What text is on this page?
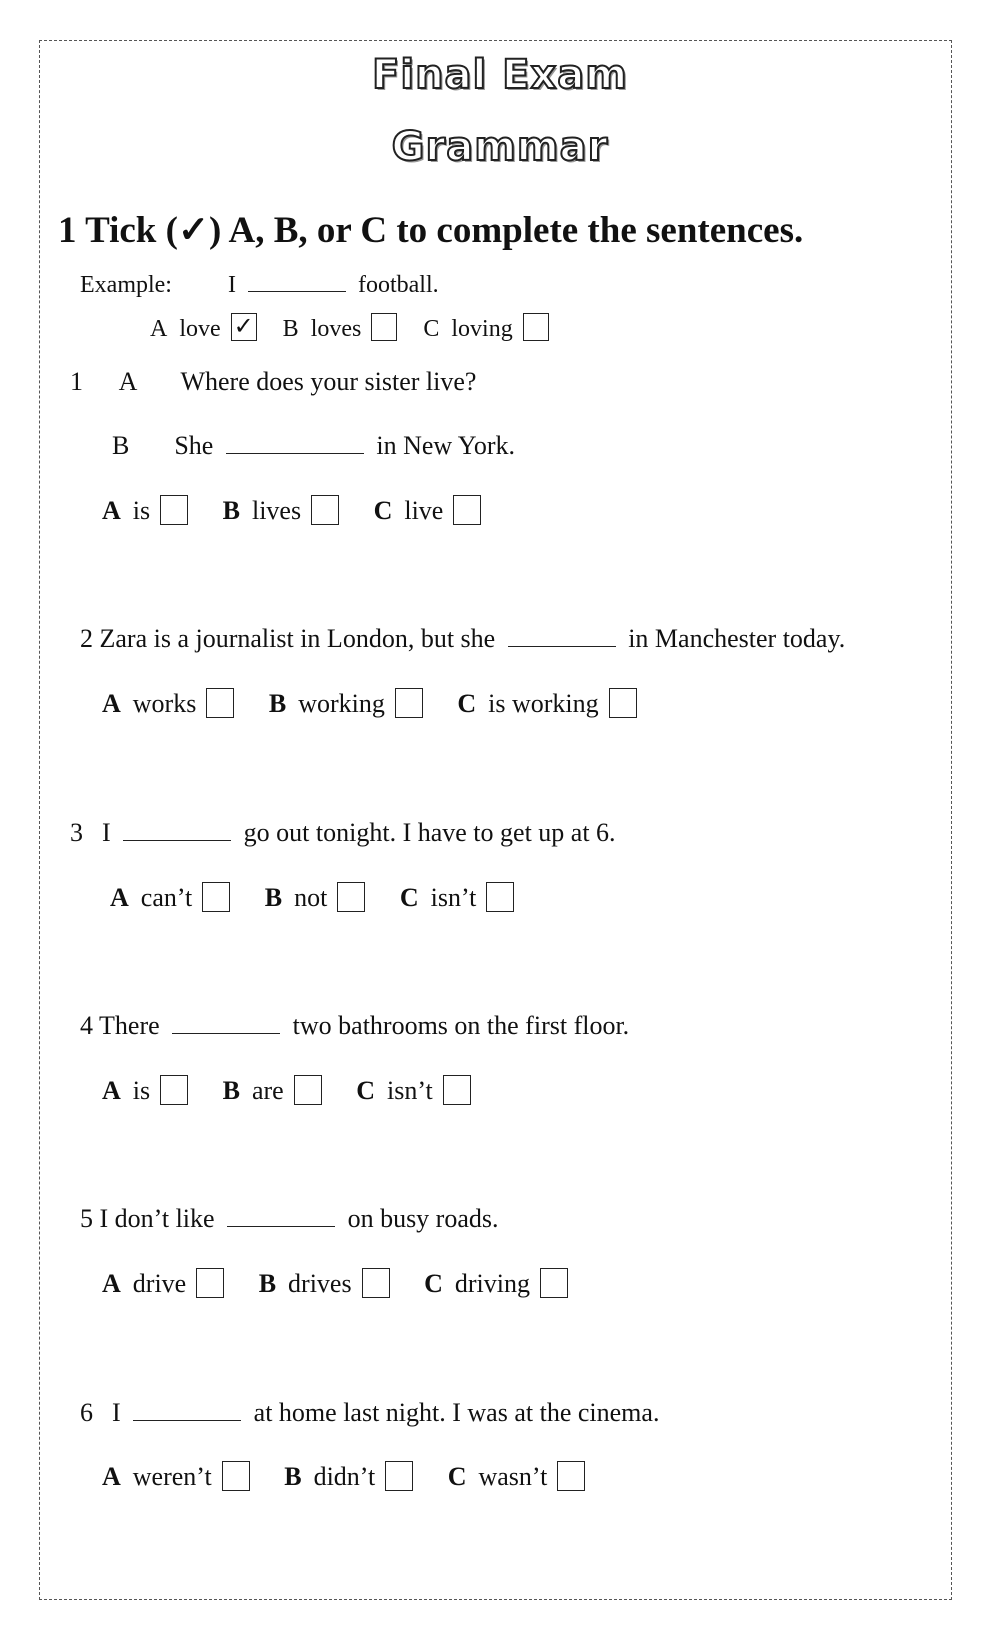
Final Exam
Grammar
1 Tick (✓) A, B, or C to complete the sentences.
Example: I	football.
A love ✓ B loves	C loving
1 A Where does your sister live?
B She	in New York.
A is	B lives	C live
2 Zara is a journalist in London, but she	in Manchester today.
A works	B working	C is working
3 I	go out tonight. I have to get up at 6.
A can’t	B not	C isn’t
4 There	two bathrooms on the first floor.
A is	B are	C isn’t
5 I don’t like	on busy roads.
A drive	B drives	C driving
6 I	at home last night. I was at the cinema.
A weren’t	B didn’t	C wasn’t
